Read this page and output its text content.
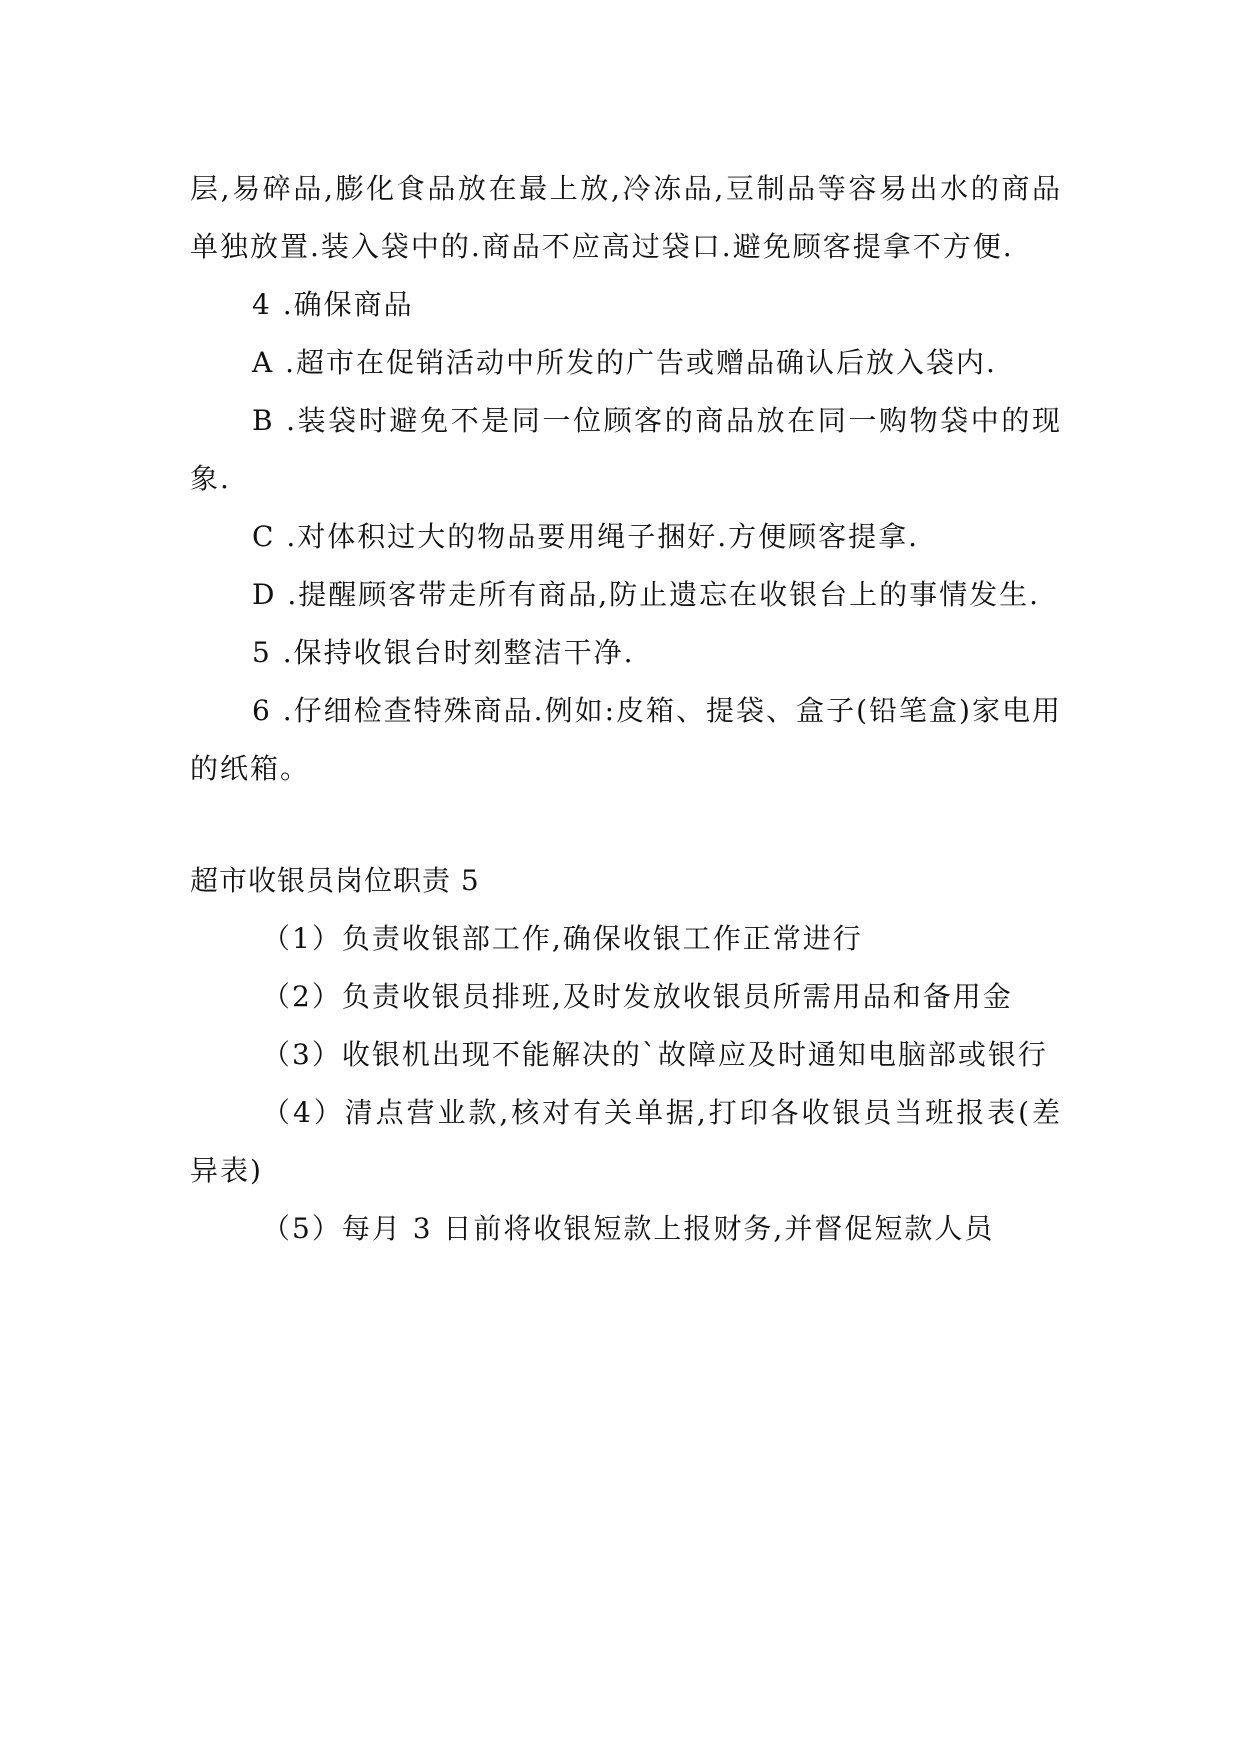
层,易碎品,膨化食品放在最上放,冷冻品,豆制品等容易出水的商品单独放置.装入袋中的.商品不应高过袋口.避免顾客提拿不方便.

4 .确保商品

A .超市在促销活动中所发的广告或赠品确认后放入袋内.

B .装袋时避免不是同一位顾客的商品放在同一购物袋中的现象.

C .对体积过大的物品要用绳子捆好.方便顾客提拿.

D .提醒顾客带走所有商品,防止遗忘在收银台上的事情发生.

5 .保持收银台时刻整洁干净.

6 .仔细检查特殊商品.例如:皮箱、提袋、盒子(铅笔盒)家电用的纸箱。

超市收银员岗位职责 5

（1）负责收银部工作,确保收银工作正常进行

（2）负责收银员排班,及时发放收银员所需用品和备用金

（3）收银机出现不能解决的`故障应及时通知电脑部或银行

（4）清点营业款,核对有关单据,打印各收银员当班报表(差异表)

（5）每月 3 日前将收银短款上报财务,并督促短款人员
